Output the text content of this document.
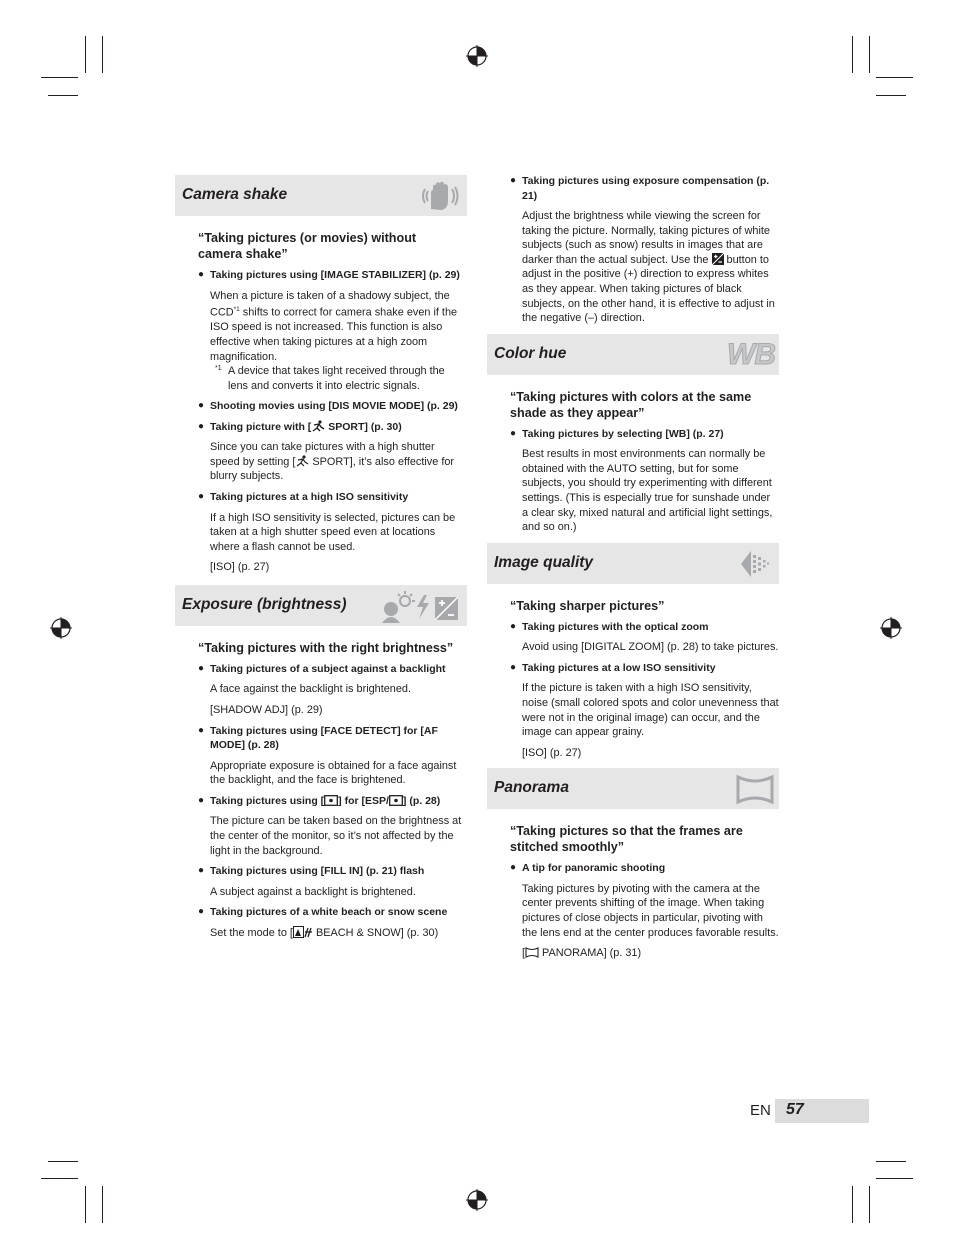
Camera shake
“Taking pictures (or movies) without camera shake”
● Taking pictures using [IMAGE STABILIZER] (p. 29)
When a picture is taken of a shadowy subject, the CCD$^{*1}$ shifts to correct for camera shake even if the ISO speed is not increased. This function is also effective when taking pictures at a high zoom magnification.
*1 A device that takes light received through the lens and converts it into electric signals.
● Shooting movies using [DIS MOVIE MODE] (p. 29)
● Taking picture with [ SPORT] (p. 30)
Since you can take pictures with a high shutter speed by setting [ SPORT], it’s also effective for blurry subjects.
● Taking pictures at a high ISO sensitivity
If a high ISO sensitivity is selected, pictures can be taken at a high shutter speed even at locations where a flash cannot be used.
[ISO] (p. 27)
Exposure (brightness)
“Taking pictures with the right brightness”
● Taking pictures of a subject against a backlight
A face against the backlight is brightened.
[SHADOW ADJ] (p. 29)
● Taking pictures using [FACE DETECT] for [AF MODE] (p. 28)
Appropriate exposure is obtained for a face against the backlight, and the face is brightened.
● Taking pictures using [ ] for [ESP/ ] (p. 28)
The picture can be taken based on the brightness at the center of the monitor, so it’s not affected by the light in the background.
● Taking pictures using [FILL IN] (p. 21) flash
A subject against a backlight is brightened.
● Taking pictures of a white beach or snow scene
Set the mode to [ BEACH & SNOW] (p. 30)
● Taking pictures using exposure compensation (p. 21)
Adjust the brightness while viewing the screen for taking the picture. Normally, taking pictures of white subjects (such as snow) results in images that are darker than the actual subject. Use the  button to adjust in the positive (+) direction to express whites as they appear. When taking pictures of black subjects, on the other hand, it is effective to adjust in the negative (–) direction.
Color hue	WB
“Taking pictures with colors at the same shade as they appear”
● Taking pictures by selecting [WB] (p. 27)
Best results in most environments can normally be obtained with the AUTO setting, but for some subjects, you should try experimenting with different settings. (This is especially true for sunshade under a clear sky, mixed natural and artificial light settings, and so on.)
Image quality
“Taking sharper pictures”
● Taking pictures with the optical zoom
Avoid using [DIGITAL ZOOM] (p. 28) to take pictures.
● Taking pictures at a low ISO sensitivity
If the picture is taken with a high ISO sensitivity, noise (small colored spots and color unevenness that were not in the original image) can occur, and the image can appear grainy.
[ISO] (p. 27)
Panorama
“Taking pictures so that the frames are stitched smoothly”
● A tip for panoramic shooting
Taking pictures by pivoting with the camera at the center prevents shifting of the image. When taking pictures of close objects in particular, pivoting with the lens end at the center produces favorable results.
[ PANORAMA] (p. 31)
EN 57
